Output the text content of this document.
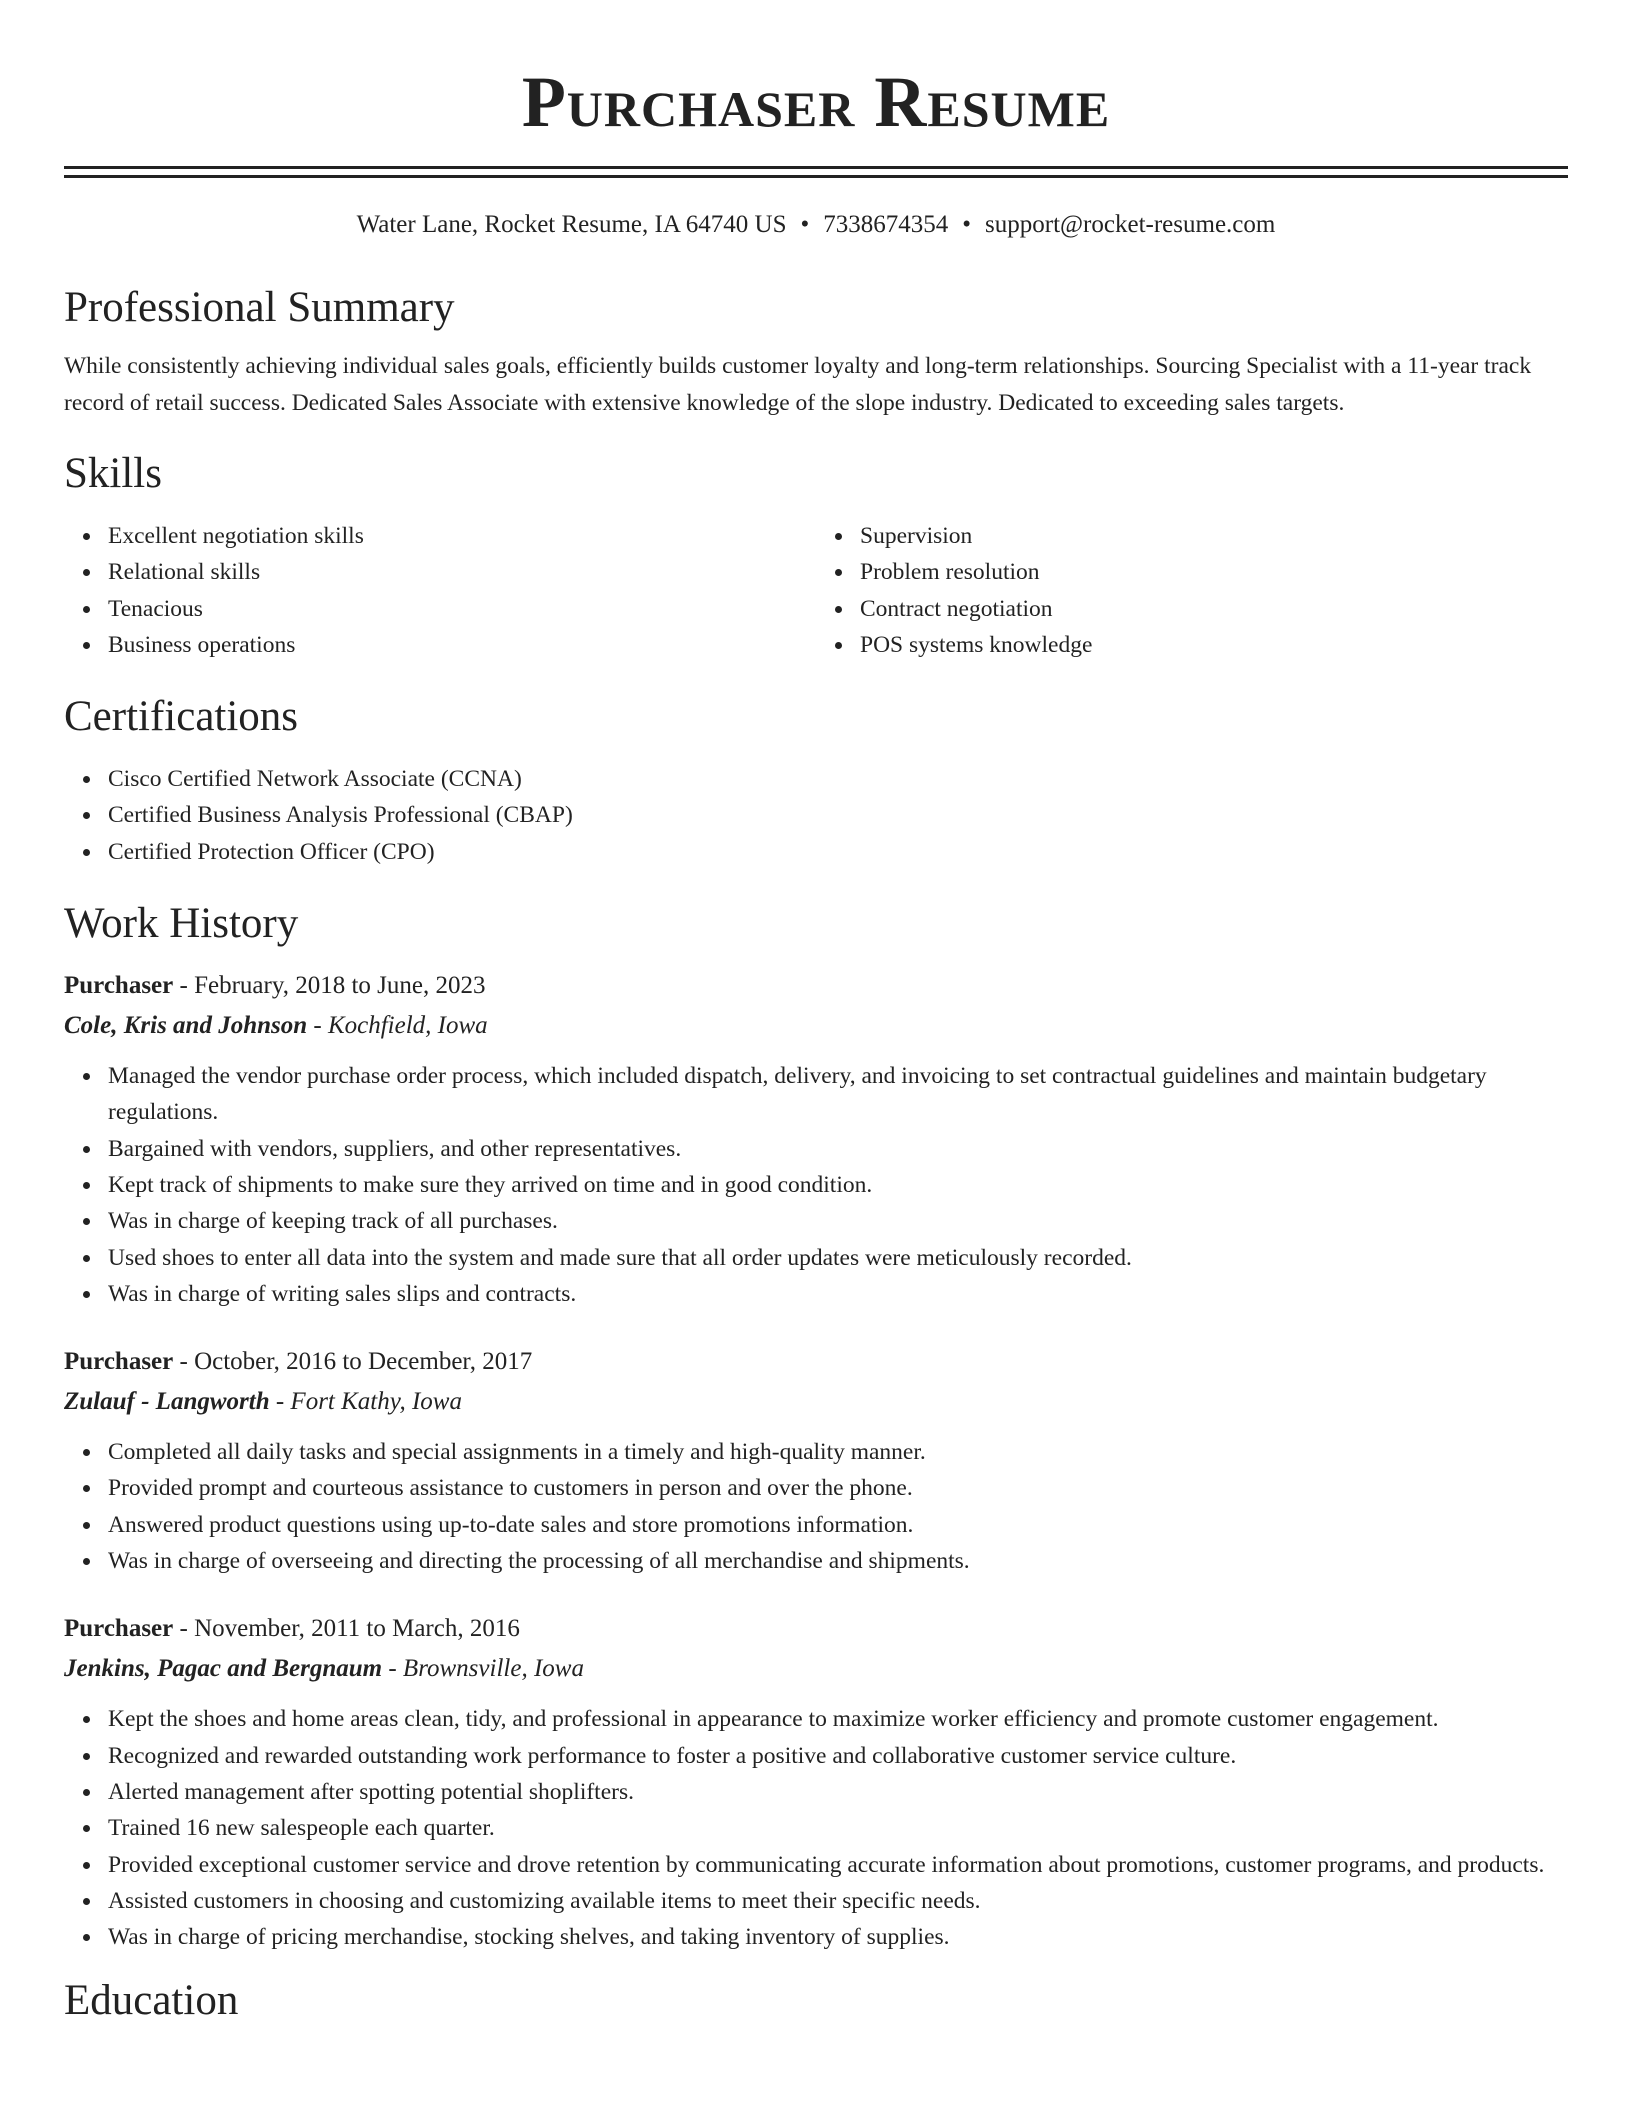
Purchaser Resume
Water Lane, Rocket Resume, IA 64740 US • 7338674354 • support@rocket-resume.com
Professional Summary
While consistently achieving individual sales goals, efficiently builds customer loyalty and long-term relationships. Sourcing Specialist with a 11-year track record of retail success. Dedicated Sales Associate with extensive knowledge of the slope industry. Dedicated to exceeding sales targets.
Skills
Excellent negotiation skills
Relational skills
Tenacious
Business operations
Supervision
Problem resolution
Contract negotiation
POS systems knowledge
Certifications
Cisco Certified Network Associate (CCNA)
Certified Business Analysis Professional (CBAP)
Certified Protection Officer (CPO)
Work History
Purchaser - February, 2018 to June, 2023
Cole, Kris and Johnson - Kochfield, Iowa
Managed the vendor purchase order process, which included dispatch, delivery, and invoicing to set contractual guidelines and maintain budgetary regulations.
Bargained with vendors, suppliers, and other representatives.
Kept track of shipments to make sure they arrived on time and in good condition.
Was in charge of keeping track of all purchases.
Used shoes to enter all data into the system and made sure that all order updates were meticulously recorded.
Was in charge of writing sales slips and contracts.
Purchaser - October, 2016 to December, 2017
Zulauf - Langworth - Fort Kathy, Iowa
Completed all daily tasks and special assignments in a timely and high-quality manner.
Provided prompt and courteous assistance to customers in person and over the phone.
Answered product questions using up-to-date sales and store promotions information.
Was in charge of overseeing and directing the processing of all merchandise and shipments.
Purchaser - November, 2011 to March, 2016
Jenkins, Pagac and Bergnaum - Brownsville, Iowa
Kept the shoes and home areas clean, tidy, and professional in appearance to maximize worker efficiency and promote customer engagement.
Recognized and rewarded outstanding work performance to foster a positive and collaborative customer service culture.
Alerted management after spotting potential shoplifters.
Trained 16 new salespeople each quarter.
Provided exceptional customer service and drove retention by communicating accurate information about promotions, customer programs, and products.
Assisted customers in choosing and customizing available items to meet their specific needs.
Was in charge of pricing merchandise, stocking shelves, and taking inventory of supplies.
Education
